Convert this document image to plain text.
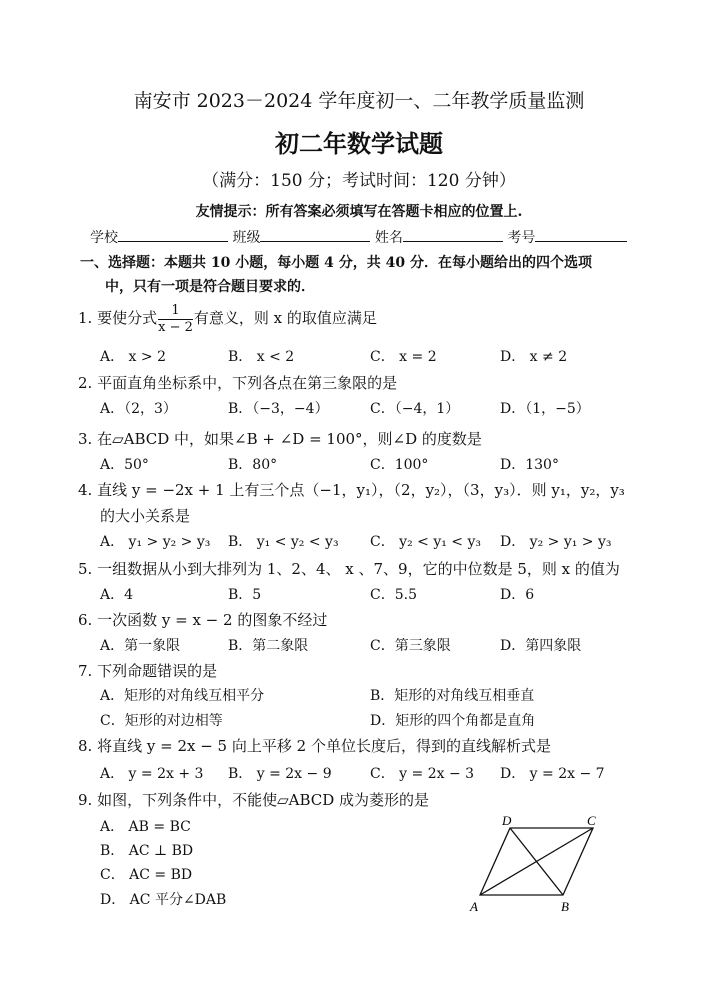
南安市 2023－2024 学年度初一、二年教学质量监测
初二年数学试题
（满分：150 分；考试时间：120 分钟）
友情提示：所有答案必须填写在答题卡相应的位置上.
学校	班级	姓名	考号
一、选择题：本题共 10 小题，每小题 4 分，共 40 分．在每小题给出的四个选项
中，只有一项是符合题目要求的．
1. 要使分式 $\frac{1}{x - 2}$ 有意义，则 x 的取值应满足
A． x > 2	B． x < 2	C． x = 2	D． x ≠ 2
2. 平面直角坐标系中，下列各点在第三象限的是
A．（2，3）	B．（−3，−4）	C．（−4，1）	D．（1，−5）
3. 在▱ABCD 中，如果∠B + ∠D = 100°，则∠D 的度数是
A．50°	B．80°	C．100°	D．130°
4. 直线 y = −2x + 1 上有三个点（−1，y₁），（2，y₂），（3，y₃）．则 y₁，y₂，y₃
的大小关系是
A． y₁ > y₂ > y₃ B． y₁ < y₂ < y₃ C． y₂ < y₁ < y₃ D． y₂ > y₁ > y₃
5. 一组数据从小到大排列为 1、2、4、 x 、7、9，它的中位数是 5，则 x 的值为
A．4	B．5	C．5.5	D．6
6. 一次函数 y = x − 2 的图象不经过
A．第一象限	B．第二象限	C．第三象限	D．第四象限
7. 下列命题错误的是
A．矩形的对角线互相平分	B．矩形的对角线互相垂直
C．矩形的对边相等	D．矩形的四个角都是直角
8. 将直线 y = 2x − 5 向上平移 2 个单位长度后，得到的直线解析式是
A． y = 2x + 3 B． y = 2x − 9	C． y = 2x − 3 D． y = 2x − 7
9. 如图，下列条件中，不能使▱ABCD 成为菱形的是
A． AB = BC
B． AC ⊥ BD
C． AC = BD
D． AC 平分∠DAB	A	B
C
D
